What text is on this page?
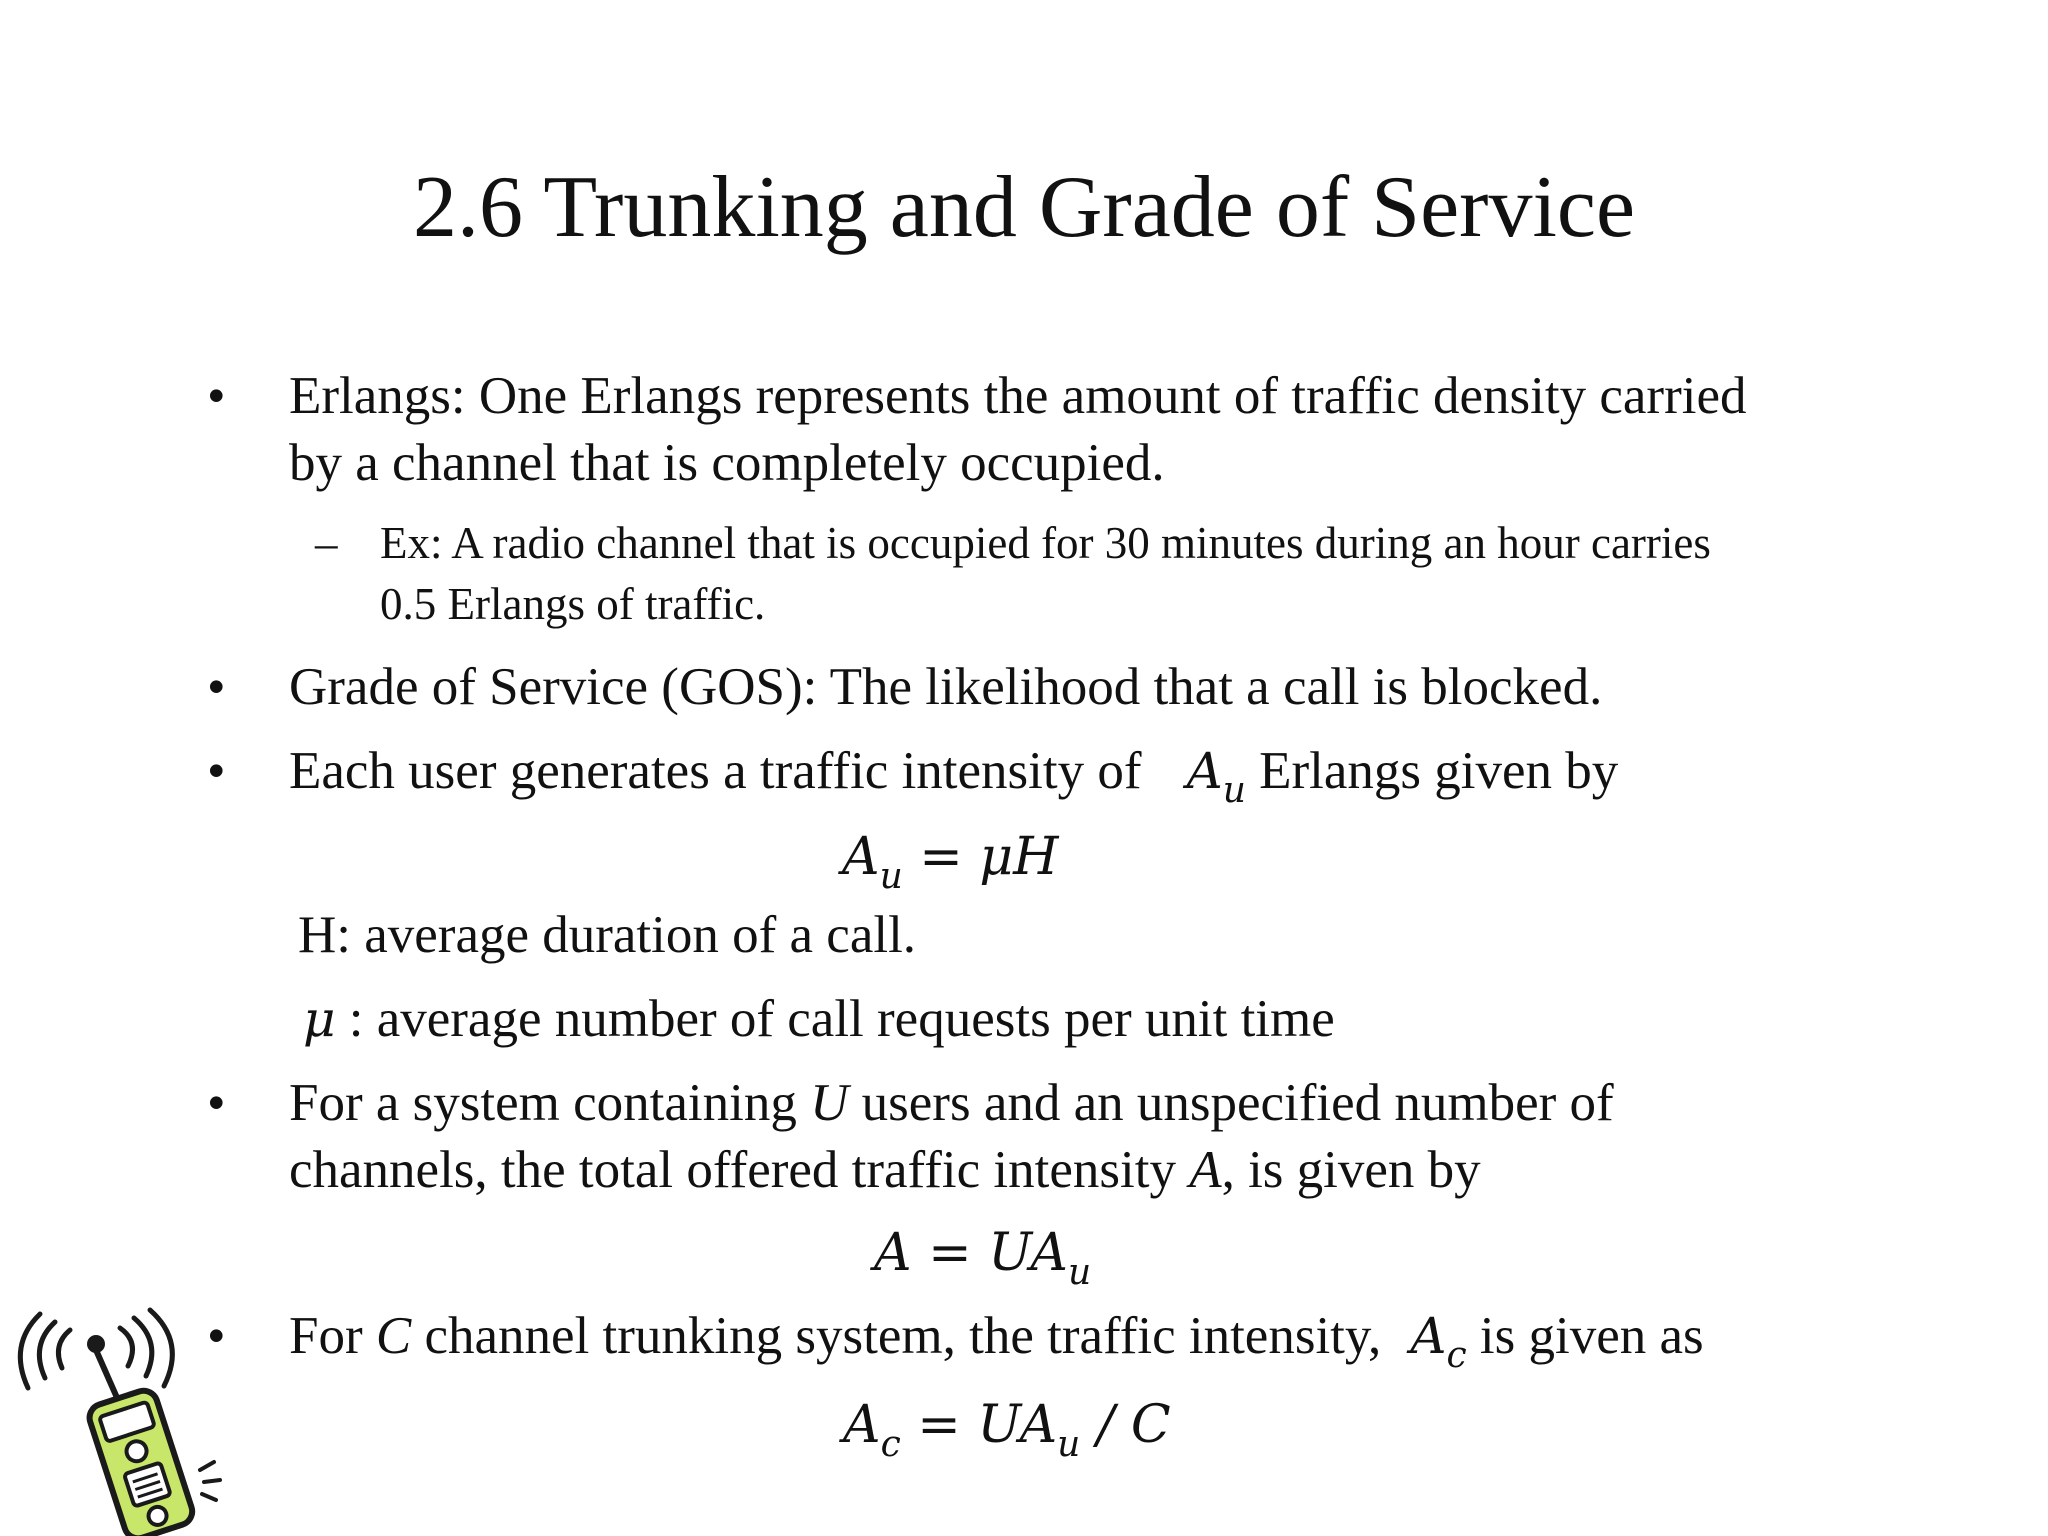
2.6 Trunking and Grade of Service
• Erlangs: One Erlangs represents the amount of traffic density carried
by a channel that is completely occupied.
– Ex: A radio channel that is occupied for 30 minutes during an hour carries
0.5 Erlangs of traffic.
• Grade of Service (GOS): The likelihood that a call is blocked.
• Each user generates a traffic intensity of $A_u$ Erlangs given by
$A_u = \mu H$
H: average duration of a call.
μ : average number of call requests per unit time
• For a system containing U users and an unspecified number of
channels, the total offered traffic intensity A, is given by
$A = UA_u$
• For C channel trunking system, the traffic intensity, $A_c$ is given as
$A_c = UA_u / C$
